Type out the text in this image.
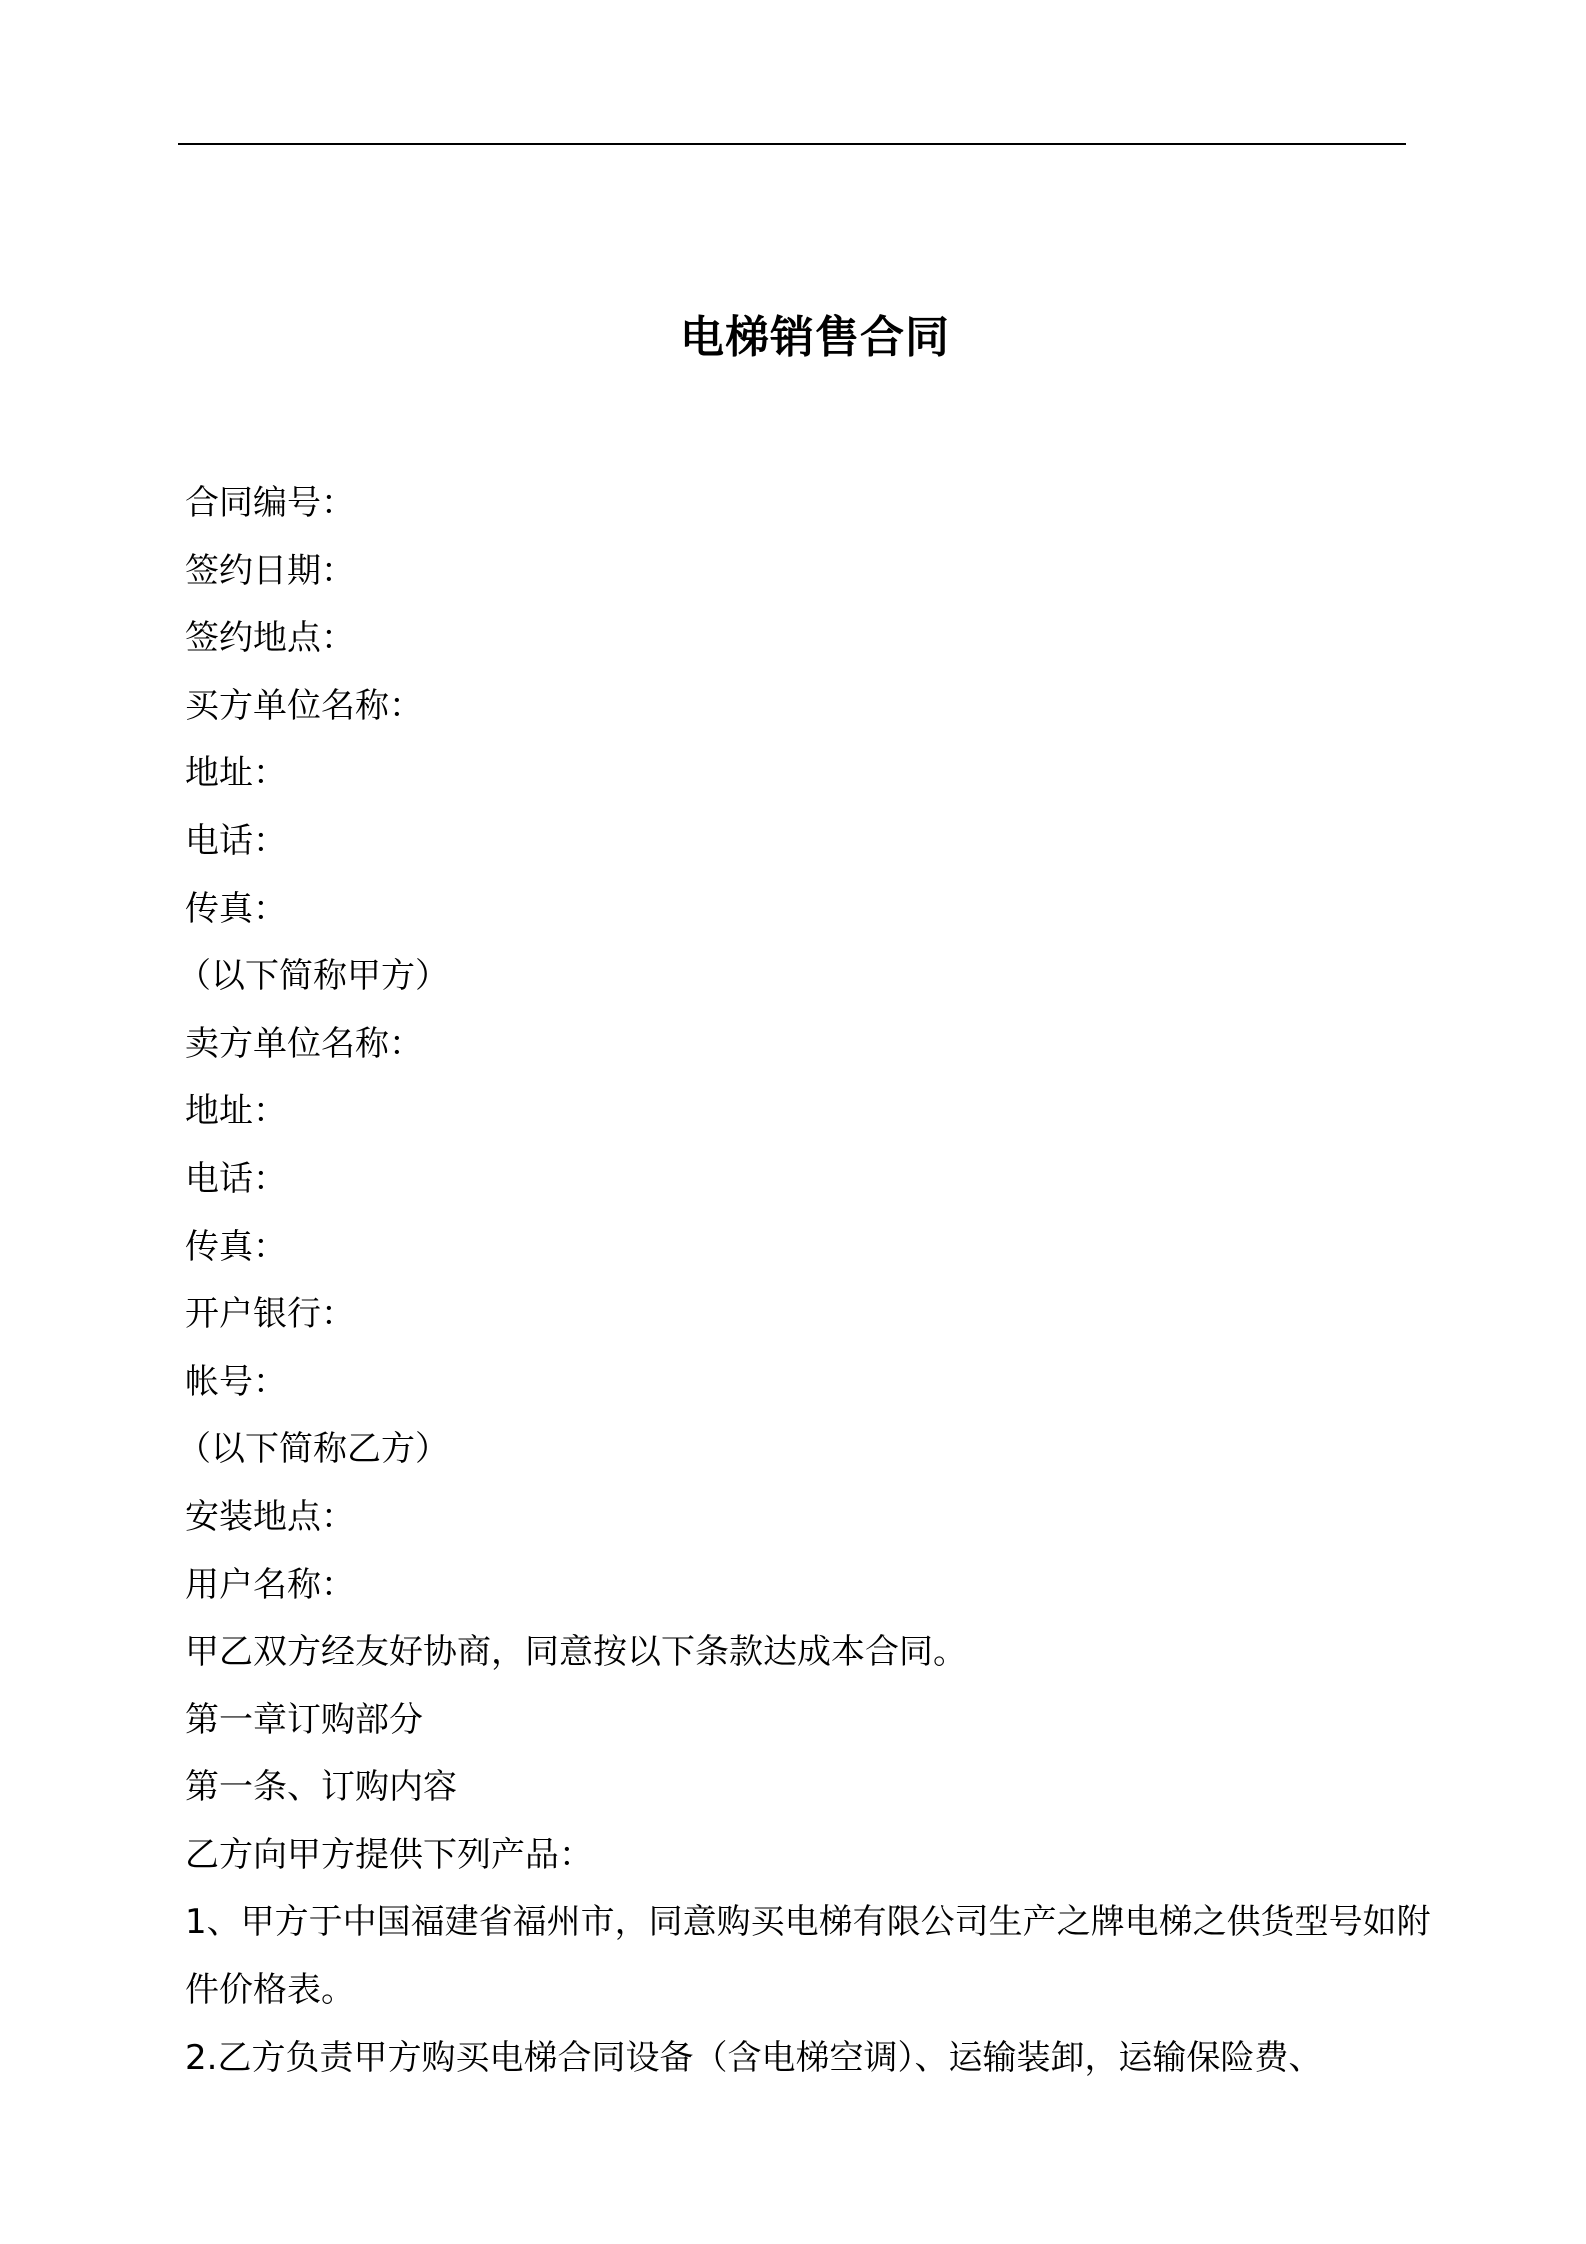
电梯销售合同
合同编号：
签约日期：
签约地点：
买方单位名称：
地址：
电话：
传真：
（以下简称甲方）
卖方单位名称：
地址：
电话：
传真：
开户银行：
帐号：
（以下简称乙方）
安装地点：
用户名称：
甲乙双方经友好协商，同意按以下条款达成本合同。
第一章订购部分
第一条、订购内容
乙方向甲方提供下列产品：
1、甲方于中国福建省福州市，同意购买电梯有限公司生产之牌电梯之供货型号如附件价格表。
2.乙方负责甲方购买电梯合同设备（含电梯空调）、运输装卸，运输保险费、
